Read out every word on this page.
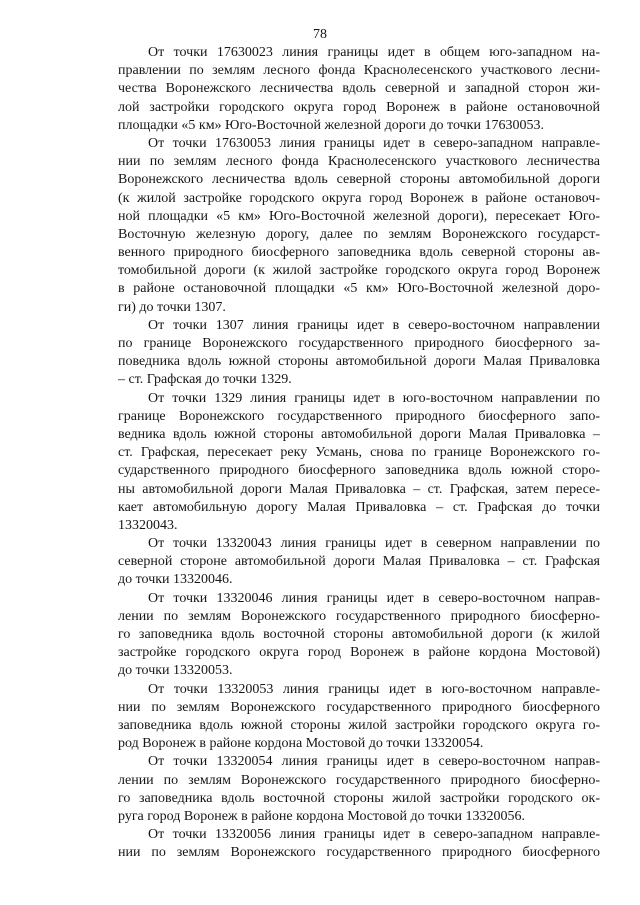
78
От точки 17630023 линия границы идет в общем юго-западном на-
правлении по землям лесного фонда Краснолесенского участкового лесни-
чества Воронежского лесничества вдоль северной и западной сторон жи-
лой застройки городского округа город Воронеж в районе остановочной
площадки «5 км» Юго-Восточной железной дороги до точки 17630053.
От точки 17630053 линия границы идет в северо-западном направле-
нии по землям лесного фонда Краснолесенского участкового лесничества
Воронежского лесничества вдоль северной стороны автомобильной дороги
(к жилой застройке городского округа город Воронеж в районе остановоч-
ной площадки «5 км» Юго-Восточной железной дороги), пересекает Юго-
Восточную железную дорогу, далее по землям Воронежского государст-
венного природного биосферного заповедника вдоль северной стороны ав-
томобильной дороги (к жилой застройке городского округа город Воронеж
в районе остановочной площадки «5 км» Юго-Восточной железной доро-
ги) до точки 1307.
От точки 1307 линия границы идет в северо-восточном направлении
по границе Воронежского государственного природного биосферного за-
поведника вдоль южной стороны автомобильной дороги Малая Приваловка
– ст. Графская до точки 1329.
От точки 1329 линия границы идет в юго-восточном направлении по
границе Воронежского государственного природного биосферного запо-
ведника вдоль южной стороны автомобильной дороги Малая Приваловка –
ст. Графская, пересекает реку Усмань, снова по границе Воронежского го-
сударственного природного биосферного заповедника вдоль южной сторо-
ны автомобильной дороги Малая Приваловка – ст. Графская, затем пересе-
кает автомобильную дорогу Малая Приваловка – ст. Графская до точки
13320043.
От точки 13320043 линия границы идет в северном направлении по
северной стороне автомобильной дороги Малая Приваловка – ст. Графская
до точки 13320046.
От точки 13320046 линия границы идет в северо-восточном направ-
лении по землям Воронежского государственного природного биосферно-
го заповедника вдоль восточной стороны автомобильной дороги (к жилой
застройке городского округа город Воронеж в районе кордона Мостовой)
до точки 13320053.
От точки 13320053 линия границы идет в юго-восточном направле-
нии по землям Воронежского государственного природного биосферного
заповедника вдоль южной стороны жилой застройки городского округа го-
род Воронеж в районе кордона Мостовой до точки 13320054.
От точки 13320054 линия границы идет в северо-восточном направ-
лении по землям Воронежского государственного природного биосферно-
го заповедника вдоль восточной стороны жилой застройки городского ок-
руга город Воронеж в районе кордона Мостовой до точки 13320056.
От точки 13320056 линия границы идет в северо-западном направле-
нии по землям Воронежского государственного природного биосферного
